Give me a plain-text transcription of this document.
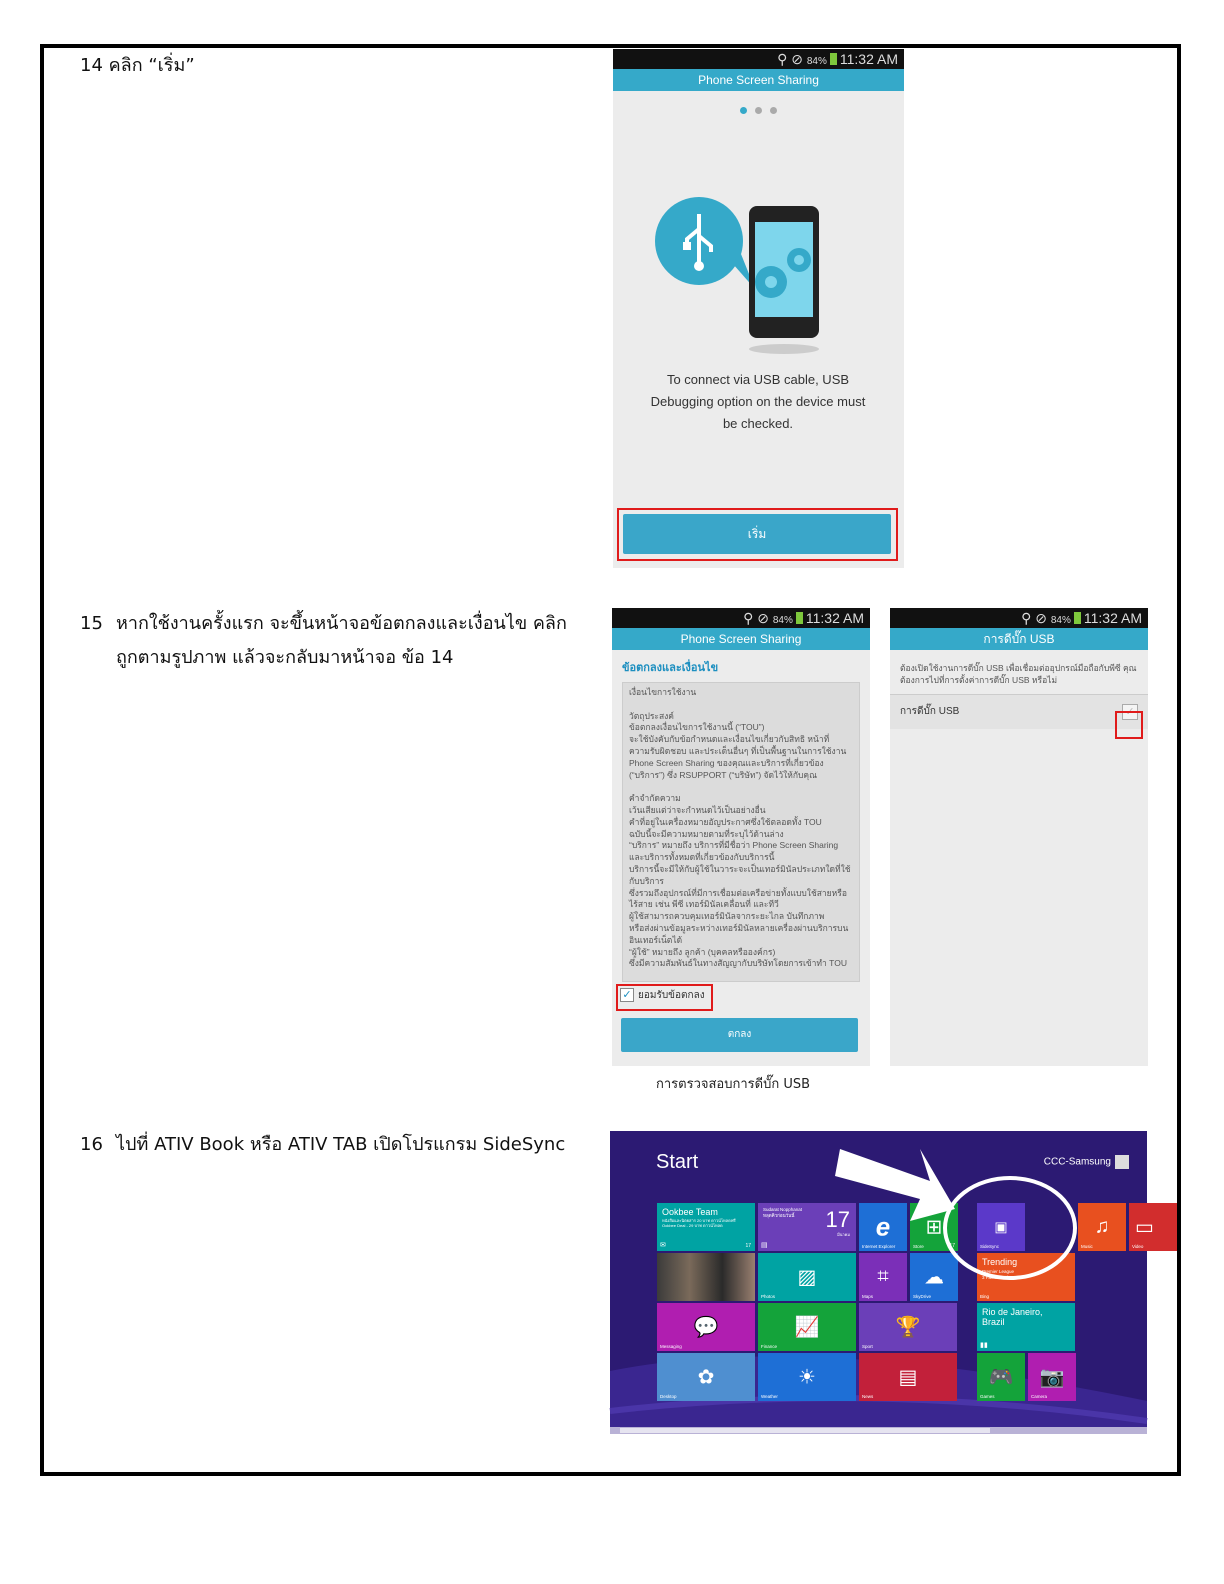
14 คลิก “เริ่ม”
15 หากใช้งานครั้งแรก จะขึ้นหน้าจอข้อตกลงและเงื่อนไข คลิก
ถูกตามรูปภาพ แล้วจะกลับมาหน้าจอ ข้อ 14
16 ไปที่ ATIV Book หรือ ATIV TAB เปิดโปรแกรม SideSync
⚲ ⊘ 84% 11:32 AM
Phone Screen Sharing
To connect via USB cable, USB Debugging option on the device must be checked.
เริ่ม
⚲ ⊘ 84% 11:32 AM
Phone Screen Sharing
ข้อตกลงและเงื่อนไข
เงื่อนไขการใช้งาน

วัตถุประสงค์
ข้อตกลงเงื่อนไขการใช้งานนี้ (“TOU”)
จะใช้บังคับกับข้อกำหนดและเงื่อนไขเกี่ยวกับสิทธิ หน้าที่
ความรับผิดชอบ และประเด็นอื่นๆ ที่เป็นพื้นฐานในการใช้งาน
Phone Screen Sharing ของคุณและบริการที่เกี่ยวข้อง
(“บริการ”) ซึ่ง RSUPPORT (“บริษัท”) จัดไว้ให้กับคุณ

คำจำกัดความ
เว้นเสียแต่ว่าจะกำหนดไว้เป็นอย่างอื่น
คำที่อยู่ในเครื่องหมายอัญประกาศซึ่งใช้ตลอดทั้ง TOU
ฉบับนี้จะมีความหมายตามที่ระบุไว้ด้านล่าง
“บริการ” หมายถึง บริการที่มีชื่อว่า Phone Screen Sharing
และบริการทั้งหมดที่เกี่ยวข้องกับบริการนี้
บริการนี้จะมีให้กับผู้ใช้ในวาระจะเป็นเทอร์มินัลประเภทใดที่ใช้กับบริการ
ซึ่งรวมถึงอุปกรณ์ที่มีการเชื่อมต่อเครือข่ายทั้งแบบใช้สายหรือไร้สาย เช่น พีซี เทอร์มินัลเคลื่อนที่ และทีวี
ผู้ใช้สามารถควบคุมเทอร์มินัลจากระยะไกล บันทึกภาพ
หรือส่งผ่านข้อมูลระหว่างเทอร์มินัลหลายเครื่องผ่านบริการบนอินเทอร์เน็ตได้
“ผู้ใช้” หมายถึง ลูกค้า (บุคคลหรือองค์กร)
ซึ่งมีความสัมพันธ์ในทางสัญญากับบริษัทโดยการเข้าทำ TOU
✓ ยอมรับข้อตกลง
ตกลง
⚲ ⊘ 84% 11:32 AM
การดีบั๊ก USB
ต้องเปิดใช้งานการดีบั๊ก USB เพื่อเชื่อมต่ออุปกรณ์มือถือกับพีซี คุณต้องการไปที่การตั้งค่าการดีบั๊ก USB หรือไม่
การดีบั๊ก USB	✓
การตรวจสอบการดีบั๊ก USB
Start	CCC-Samsung
Ookbee Team
หนังสือและนิตยสาร 20 บาท ดาวน์โหลดฟรี
Ookbee Deal - 29 บาท ดาวน์โหลด
✉	17
Sudarat Nopphanat
หลุดคิวก่อนวันนี้	17
มีนาคม
▤
e
Internet Explorer
⊞
Store	17
▣
SideSync
♫
Music
▭
Video
▨
Photos
⌗
Maps
☁
SkyDrive
Trending
Premier League
3 Factor final
Bing
💬
Messaging
📈
Finance
🏆
Sport
Rio de Janeiro,
Brazil
▮▮
✿
Desktop
☀
Weather
▤
News
🎮
Games
📷
Camera
